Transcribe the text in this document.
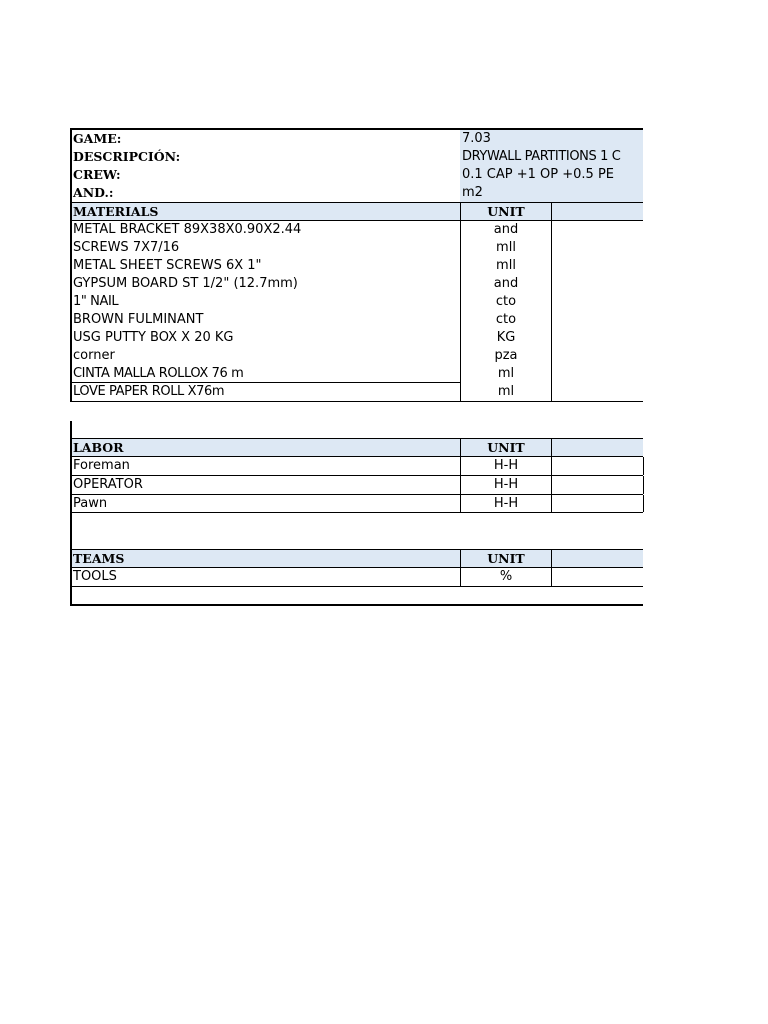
GAME:	7.03
DESCRIPCIÓN:	DRYWALL PARTITIONS 1 C
CREW:	0.1 CAP +1 OP +0.5 PE
AND.:	m2
MATERIALS	UNIT
METAL BRACKET 89X38X0.90X2.44	and
SCREWS 7X7/16	mll
METAL SHEET SCREWS 6X 1"	mll
GYPSUM BOARD ST 1/2" (12.7mm)	and
1" NAIL	cto
BROWN FULMINANT	cto
USG PUTTY BOX X 20 KG	KG
corner	pza
CINTA MALLA ROLLOX 76 m	ml
LOVE PAPER ROLL X76m	ml
LABOR	UNIT
Foreman	H-H
OPERATOR	H-H
Pawn	H-H
TEAMS	UNIT
TOOLS	%
